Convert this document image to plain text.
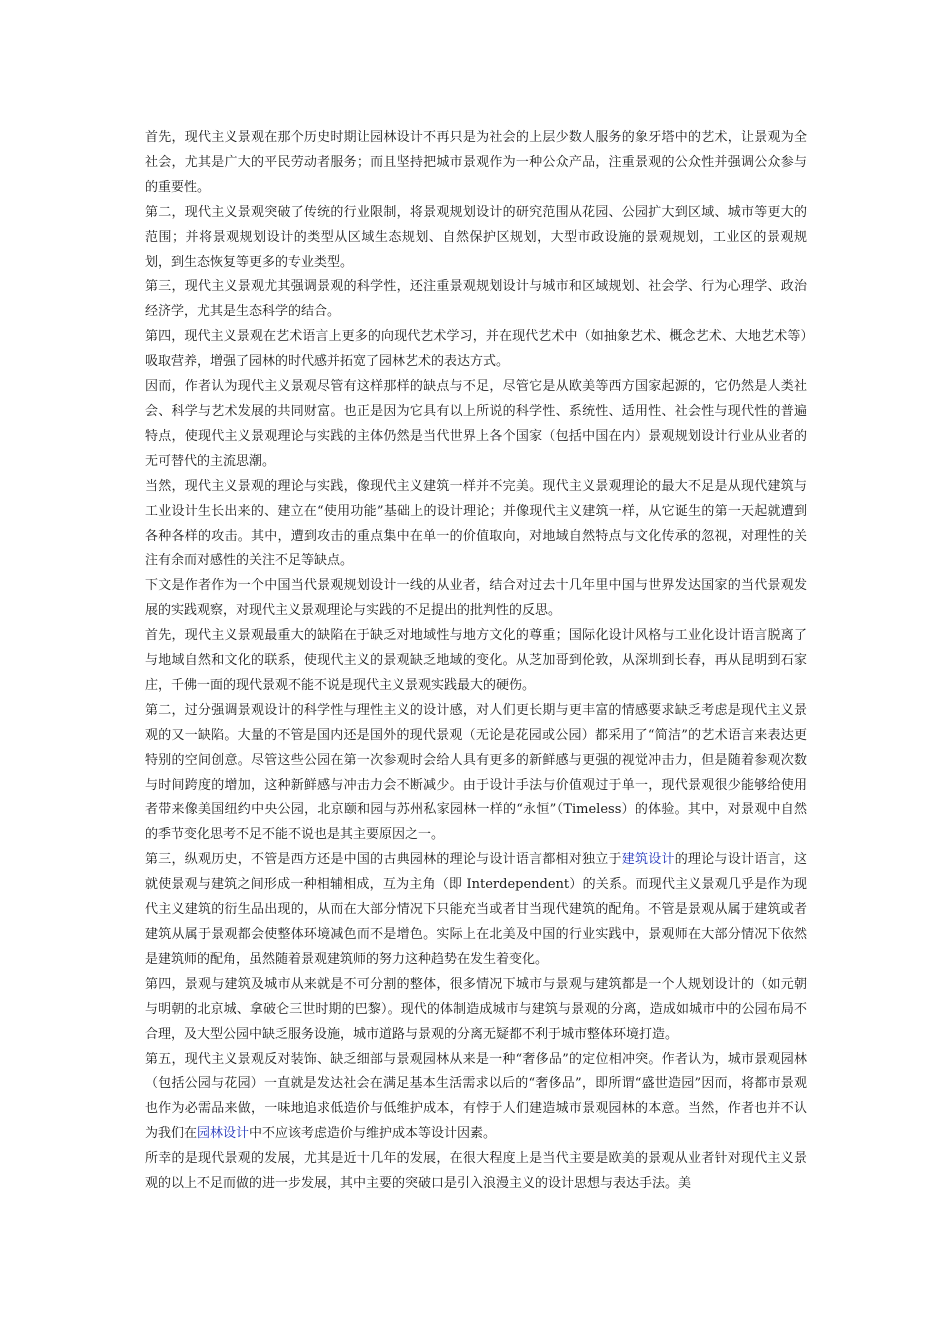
首先，现代主义景观在那个历史时期让园林设计不再只是为社会的上层少数人服务的象牙塔中的艺术，让景观为全社会，尤其是广大的平民劳动者服务；而且坚持把城市景观作为一种公众产品，注重景观的公众性并强调公众参与的重要性。

第二，现代主义景观突破了传统的行业限制，将景观规划设计的研究范围从花园、公园扩大到区域、城市等更大的范围；并将景观规划设计的类型从区域生态规划、自然保护区规划，大型市政设施的景观规划，工业区的景观规划，到生态恢复等更多的专业类型。

第三，现代主义景观尤其强调景观的科学性，还注重景观规划设计与城市和区域规划、社会学、行为心理学、政治经济学，尤其是生态科学的结合。

第四，现代主义景观在艺术语言上更多的向现代艺术学习，并在现代艺术中（如抽象艺术、概念艺术、大地艺术等）吸取营养，增强了园林的时代感并拓宽了园林艺术的表达方式。

因而，作者认为现代主义景观尽管有这样那样的缺点与不足，尽管它是从欧美等西方国家起源的，它仍然是人类社会、科学与艺术发展的共同财富。也正是因为它具有以上所说的科学性、系统性、适用性、社会性与现代性的普遍特点，使现代主义景观理论与实践的主体仍然是当代世界上各个国家（包括中国在内）景观规划设计行业从业者的无可替代的主流思潮。

当然，现代主义景观的理论与实践，像现代主义建筑一样并不完美。现代主义景观理论的最大不足是从现代建筑与工业设计生长出来的、建立在“使用功能”基础上的设计理论；并像现代主义建筑一样，从它诞生的第一天起就遭到各种各样的攻击。其中，遭到攻击的重点集中在单一的价值取向，对地域自然特点与文化传承的忽视，对理性的关注有余而对感性的关注不足等缺点。

下文是作者作为一个中国当代景观规划设计一线的从业者，结合对过去十几年里中国与世界发达国家的当代景观发展的实践观察，对现代主义景观理论与实践的不足提出的批判性的反思。

首先，现代主义景观最重大的缺陷在于缺乏对地域性与地方文化的尊重；国际化设计风格与工业化设计语言脱离了与地域自然和文化的联系，使现代主义的景观缺乏地域的变化。从芝加哥到伦敦，从深圳到长春，再从昆明到石家庄，千佛一面的现代景观不能不说是现代主义景观实践最大的硬伤。

第二，过分强调景观设计的科学性与理性主义的设计感，对人们更长期与更丰富的情感要求缺乏考虑是现代主义景观的又一缺陷。大量的不管是国内还是国外的现代景观（无论是花园或公园）都采用了“简洁”的艺术语言来表达更特别的空间创意。尽管这些公园在第一次参观时会给人具有更多的新鲜感与更强的视觉冲击力，但是随着参观次数与时间跨度的增加，这种新鲜感与冲击力会不断减少。由于设计手法与价值观过于单一，现代景观很少能够给使用者带来像美国纽约中央公园，北京颐和园与苏州私家园林一样的“永恒”（Timeless）的体验。其中，对景观中自然的季节变化思考不足不能不说也是其主要原因之一。

第三，纵观历史，不管是西方还是中国的古典园林的理论与设计语言都相对独立于建筑设计的理论与设计语言，这就使景观与建筑之间形成一种相辅相成，互为主角（即 Interdependent）的关系。而现代主义景观几乎是作为现代主义建筑的衍生品出现的，从而在大部分情况下只能充当或者甘当现代建筑的配角。不管是景观从属于建筑或者建筑从属于景观都会使整体环境减色而不是增色。实际上在北美及中国的行业实践中，景观师在大部分情况下依然是建筑师的配角，虽然随着景观建筑师的努力这种趋势在发生着变化。

第四，景观与建筑及城市从来就是不可分割的整体，很多情况下城市与景观与建筑都是一个人规划设计的（如元朝与明朝的北京城、拿破仑三世时期的巴黎）。现代的体制造成城市与建筑与景观的分离，造成如城市中的公园布局不合理，及大型公园中缺乏服务设施，城市道路与景观的分离无疑都不利于城市整体环境打造。

第五，现代主义景观反对装饰、缺乏细部与景观园林从来是一种“奢侈品”的定位相冲突。作者认为，城市景观园林（包括公园与花园）一直就是发达社会在满足基本生活需求以后的“奢侈品”，即所谓“盛世造园”因而，将都市景观也作为必需品来做，一味地追求低造价与低维护成本，有悖于人们建造城市景观园林的本意。当然，作者也并不认为我们在园林设计中不应该考虑造价与维护成本等设计因素。

所幸的是现代景观的发展，尤其是近十几年的发展，在很大程度上是当代主要是欧美的景观从业者针对现代主义景观的以上不足而做的进一步发展，其中主要的突破口是引入浪漫主义的设计思想与表达手法。美
